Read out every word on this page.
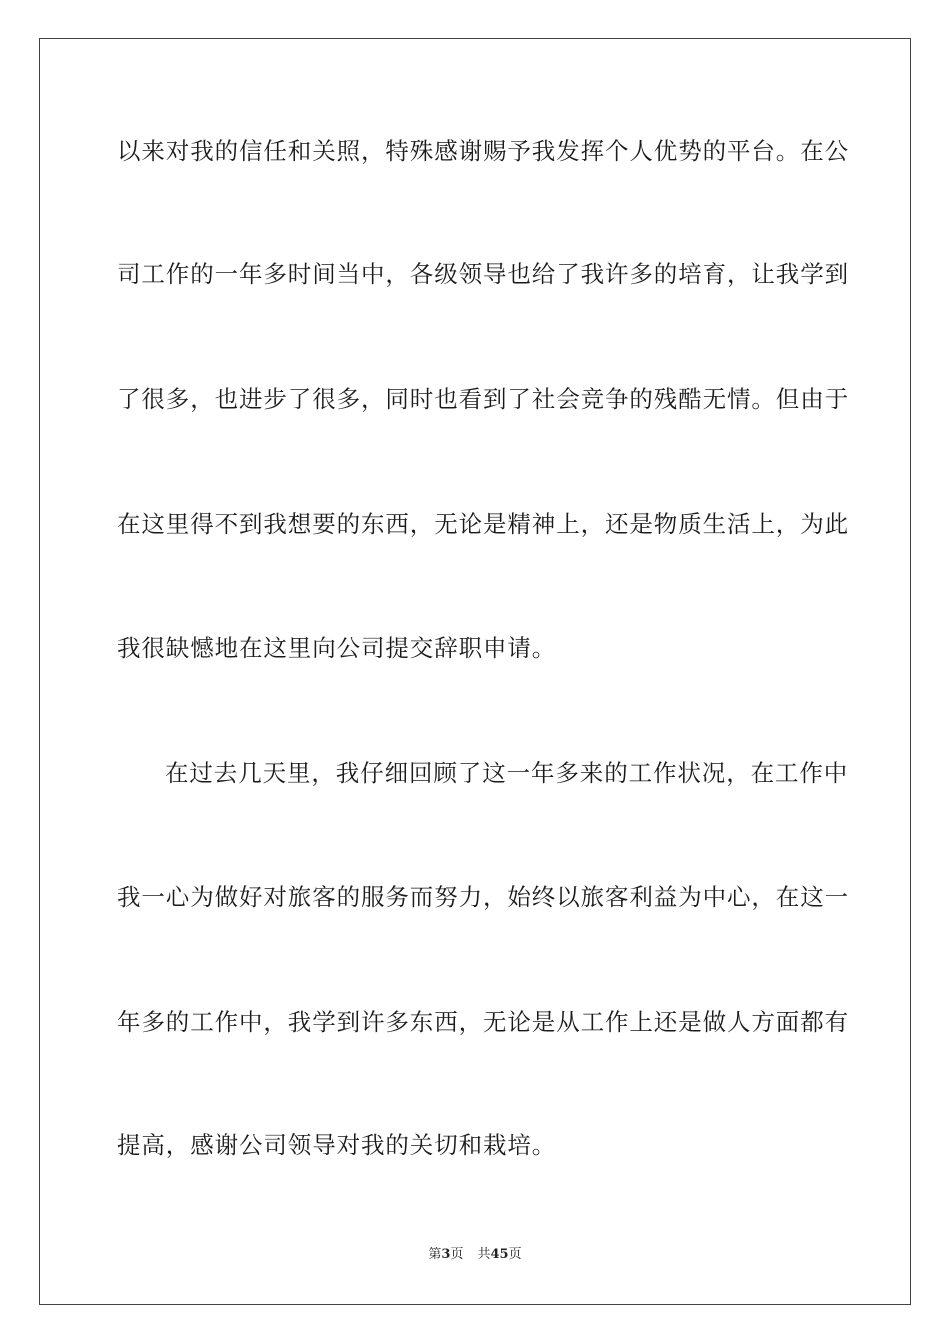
以来对我的信任和关照，特殊感谢赐予我发挥个人优势的平台。在公
司工作的一年多时间当中，各级领导也给了我许多的培育，让我学到
了很多，也进步了很多，同时也看到了社会竞争的残酷无情。但由于
在这里得不到我想要的东西，无论是精神上，还是物质生活上，为此
我很缺憾地在这里向公司提交辞职申请。
在过去几天里，我仔细回顾了这一年多来的工作状况，在工作中
我一心为做好对旅客的服务而努力，始终以旅客利益为中心，在这一
年多的工作中，我学到许多东西，无论是从工作上还是做人方面都有
提高，感谢公司领导对我的关切和栽培。
第3页 共45页
